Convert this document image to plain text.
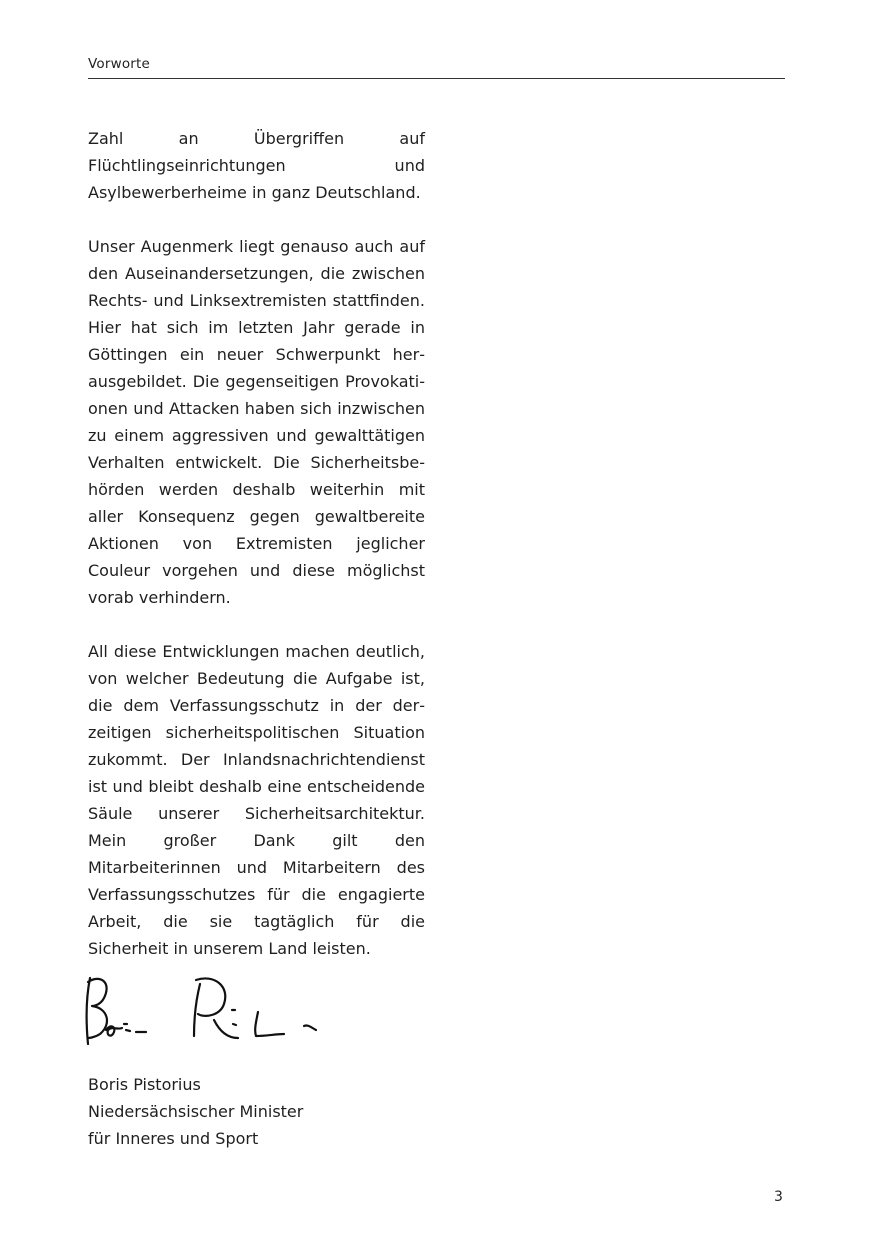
Vorworte

Zahl an Übergriffen auf Flüchtlingseinrichtungen und Asylbewerberheime in ganz Deutschland.

Unser Augenmerk liegt genauso auch auf den Auseinandersetzungen, die zwischen Rechts- und Linksextremisten stattfinden. Hier hat sich im letzten Jahr gerade in Göttingen ein neuer Schwerpunkt herausgebildet. Die gegenseitigen Provokationen und Attacken haben sich inzwischen zu einem aggressiven und gewalttätigen Verhalten entwickelt. Die Sicherheitsbehörden werden deshalb weiterhin mit aller Konsequenz gegen gewaltbereite Aktionen von Extremisten jeglicher Couleur vorgehen und diese möglichst vorab verhindern.

All diese Entwicklungen machen deutlich, von welcher Bedeutung die Aufgabe ist, die dem Verfassungsschutz in der derzeitigen sicherheitspolitischen Situation zukommt. Der Inlandsnachrichtendienst ist und bleibt deshalb eine entscheidende Säule unserer Sicherheitsarchitektur. Mein großer Dank gilt den Mitarbeiterinnen und Mitarbeitern des Verfassungsschutzes für die engagierte Arbeit, die sie tagtäglich für die Sicherheit in unserem Land leisten.

Boris Pistorius
Niedersächsischer Minister
für Inneres und Sport
3
